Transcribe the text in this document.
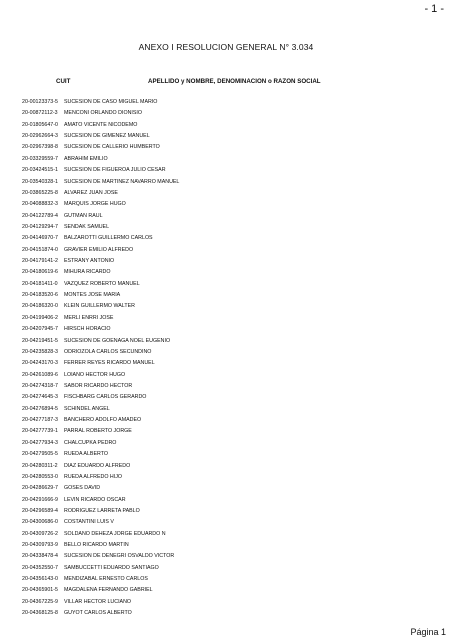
- 1 -
ANEXO I RESOLUCION GENERAL N° 3.034
CUIT	APELLIDO y NOMBRE, DENOMINACION o RAZON SOCIAL
20-00123373-5 SUCESION DE CASO MIGUEL MARIO
20-00872112-3 MENCONI ORLANDO DIONISIO
20-01805647-0 AMATO VICENTE NICODEMO
20-02962664-3 SUCESION DE GIMENEZ MANUEL
20-02967398-8 SUCESION DE CALLERIO HUMBERTO
20-03329559-7 ABRAHIM EMILIO
20-03424515-1 SUCESION DE FIGUEROA JULIO CESAR
20-03540328-1 SUCESION DE MARTINEZ NAVARRO MANUEL
20-03865225-8 ALVAREZ JUAN JOSE
20-04088832-3 MARQUIS JORGE HUGO
20-04122789-4 GUTMAN RAUL
20-04129294-7 SENDAK SAMUEL
20-04146970-7 BALZAROTTI GUILLERMO CARLOS
20-04151874-0 GRAVIER EMILIO ALFREDO
20-04179141-2 ESTRANY ANTONIO
20-04180619-6 MIHURA RICARDO
20-04181411-0 VAZQUEZ ROBERTO MANUEL
20-04183520-6 MONTES JOSE MARIA
20-04186320-0 KLEIN GUILLERMO WALTER
20-04199406-2 MERLI ENRRI JOSE
20-04207945-7 HIRSCH HORACIO
20-04219451-5 SUCESION DE GOENAGA NOEL EUGENIO
20-04235828-3 ODRIOZOLA CARLOS SECUNDINO
20-04243170-3 FERRER REYES RICARDO MANUEL
20-04261089-6 LOIANO HECTOR HUGO
20-04274318-7 SABOR RICARDO HECTOR
20-04274645-3 FISCHBARG CARLOS GERARDO
20-04276894-5 SCHINDEL ANGEL
20-04277187-3 BANCHERO ADOLFO AMADEO
20-04277739-1 PARRAL ROBERTO JORGE
20-04277934-3 CHALCUPKA PEDRO
20-04279505-5 RUEDA ALBERTO
20-04280311-2 DIAZ EDUARDO ALFREDO
20-04280553-0 RUEDA ALFREDO HIJO
20-04286629-7 GOSES DAVID
20-04291666-9 LEVIN RICARDO OSCAR
20-04296589-4 RODRIGUEZ LARRETA PABLO
20-04300686-0 COSTANTINI LUIS V
20-04309726-2 SOLDANO DEHEZA JORGE EDUARDO N
20-04309793-9 BELLO RICARDO MARTIN
20-04338478-4 SUCESION DE DENEGRI OSVALDO VICTOR
20-04352550-7 SAMBUCCETTI EDUARDO SANTIAGO
20-04356143-0 MENDIZABAL ERNESTO CARLOS
20-04365901-5 MAGDALENA FERNANDO GABRIEL
20-04367225-9 VILLAR HECTOR LUCIANO
20-04368125-8 GUYOT CARLOS ALBERTO
Página 1
